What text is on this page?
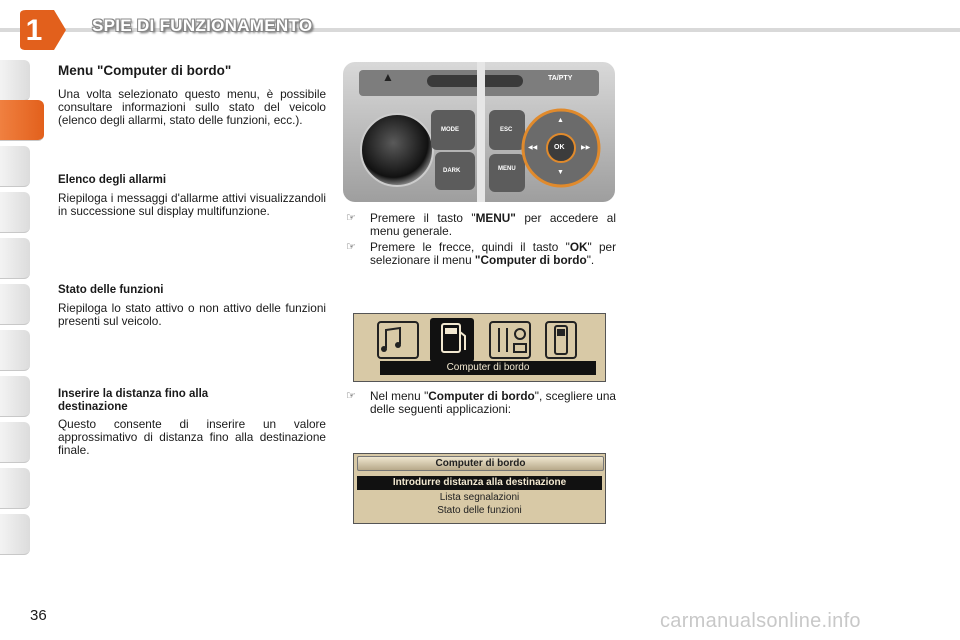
1	SPIE DI FUNZIONAMENTO
Menu "Computer di bordo"
Una volta selezionato questo menu, è possibile consultare informazioni sullo stato del veicolo (elenco degli allarmi, stato delle funzioni, ecc.).
Elenco degli allarmi
Riepiloga i messaggi d'allarme attivi visualizzandoli in successione sul display multifunzione.
Stato delle funzioni
Riepiloga lo stato attivo o non attivo delle funzioni presenti sul veicolo.
Inserire la distanza fino alla destinazione
Questo consente di inserire un valore approssimativo di distanza fino alla destinazione finale.
▲	TA/PTY
MODE
DARK
ESC
MENU
OK
▲
▼
◀◀	▶▶
☞ Premere il tasto "MENU" per accedere al menu generale.
☞ Premere le frecce, quindi il tasto "OK" per selezionare il menu "Computer di bordo".
Computer di bordo
☞ Nel menu "Computer di bordo", scegliere una delle seguenti applicazioni:
Computer di bordo
Introdurre distanza alla destinazione
Lista segnalazioni
Stato delle funzioni
36	carmanualsonline.info
